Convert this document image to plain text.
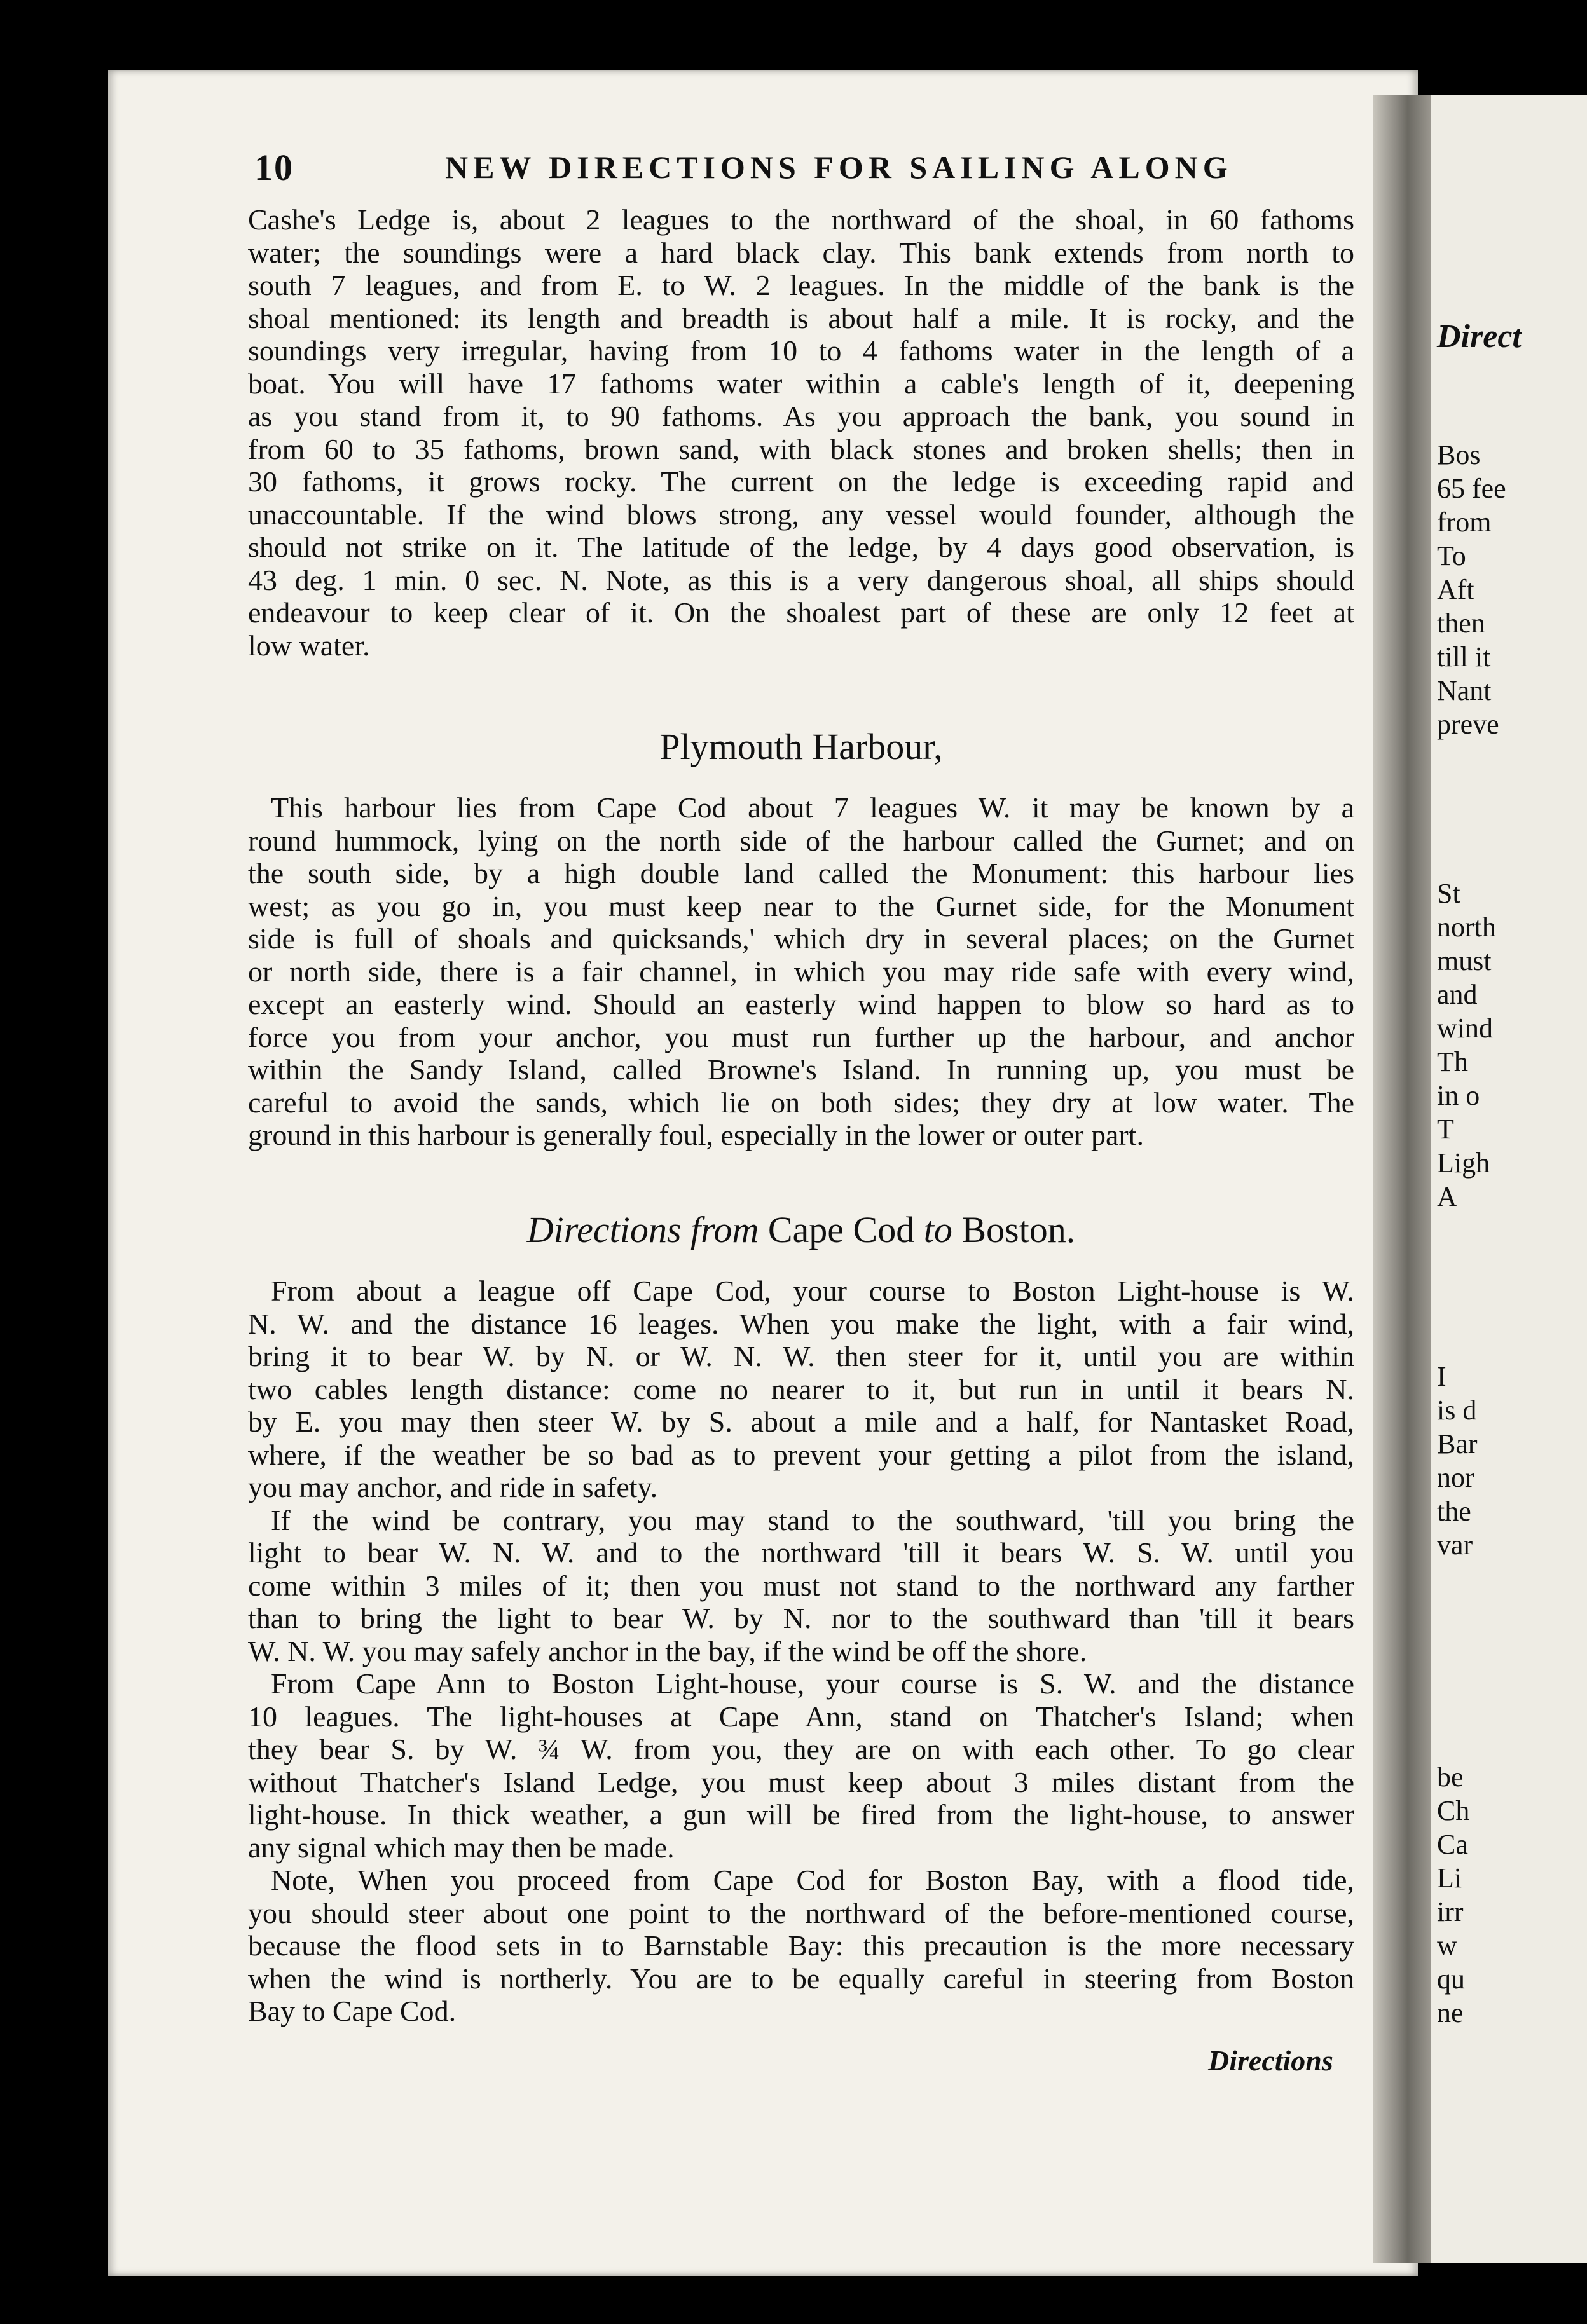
Direct
Bos
65 fee
from
To
Aft
then
till it
Nant
preve
St
north
must
and
wind
Th
in o
T
Ligh
A
I
is d
Bar
nor
the
var
be
Ch
Ca
Li
irr
w
qu
ne
10	NEW DIRECTIONS FOR SAILING ALONG
Cashe's Ledge is, about 2 leagues to the northward of the shoal, in 60 fathoms
water; the soundings were a hard black clay. This bank extends from north to
south 7 leagues, and from E. to W. 2 leagues. In the middle of the bank is the
shoal mentioned: its length and breadth is about half a mile. It is rocky, and the
soundings very irregular, having from 10 to 4 fathoms water in the length of a
boat. You will have 17 fathoms water within a cable's length of it, deepening
as you stand from it, to 90 fathoms. As you approach the bank, you sound in
from 60 to 35 fathoms, brown sand, with black stones and broken shells; then in
30 fathoms, it grows rocky. The current on the ledge is exceeding rapid and
unaccountable. If the wind blows strong, any vessel would founder, although the
should not strike on it. The latitude of the ledge, by 4 days good observation, is
43 deg. 1 min. 0 sec. N. Note, as this is a very dangerous shoal, all ships should
endeavour to keep clear of it. On the shoalest part of these are only 12 feet at
low water.
Plymouth Harbour,
This harbour lies from Cape Cod about 7 leagues W. it may be known by a
round hummock, lying on the north side of the harbour called the Gurnet; and on
the south side, by a high double land called the Monument: this harbour lies
west; as you go in, you must keep near to the Gurnet side, for the Monument
side is full of shoals and quicksands,' which dry in several places; on the Gurnet
or north side, there is a fair channel, in which you may ride safe with every wind,
except an easterly wind. Should an easterly wind happen to blow so hard as to
force you from your anchor, you must run further up the harbour, and anchor
within the Sandy Island, called Browne's Island. In running up, you must be
careful to avoid the sands, which lie on both sides; they dry at low water. The
ground in this harbour is generally foul, especially in the lower or outer part.
Directions from Cape Cod to Boston.
From about a league off Cape Cod, your course to Boston Light-house is W.
N. W. and the distance 16 leages. When you make the light, with a fair wind,
bring it to bear W. by N. or W. N. W. then steer for it, until you are within
two cables length distance: come no nearer to it, but run in until it bears N.
by E. you may then steer W. by S. about a mile and a half, for Nantasket Road,
where, if the weather be so bad as to prevent your getting a pilot from the island,
you may anchor, and ride in safety.
If the wind be contrary, you may stand to the southward, 'till you bring the
light to bear W. N. W. and to the northward 'till it bears W. S. W. until you
come within 3 miles of it; then you must not stand to the northward any farther
than to bring the light to bear W. by N. nor to the southward than 'till it bears
W. N. W. you may safely anchor in the bay, if the wind be off the shore.
From Cape Ann to Boston Light-house, your course is S. W. and the distance
10 leagues. The light-houses at Cape Ann, stand on Thatcher's Island; when
they bear S. by W. ¾ W. from you, they are on with each other. To go clear
without Thatcher's Island Ledge, you must keep about 3 miles distant from the
light-house. In thick weather, a gun will be fired from the light-house, to answer
any signal which may then be made.
Note, When you proceed from Cape Cod for Boston Bay, with a flood tide,
you should steer about one point to the northward of the before-mentioned course,
because the flood sets in to Barnstable Bay: this precaution is the more necessary
when the wind is northerly. You are to be equally careful in steering from Boston
Bay to Cape Cod.
Directions
